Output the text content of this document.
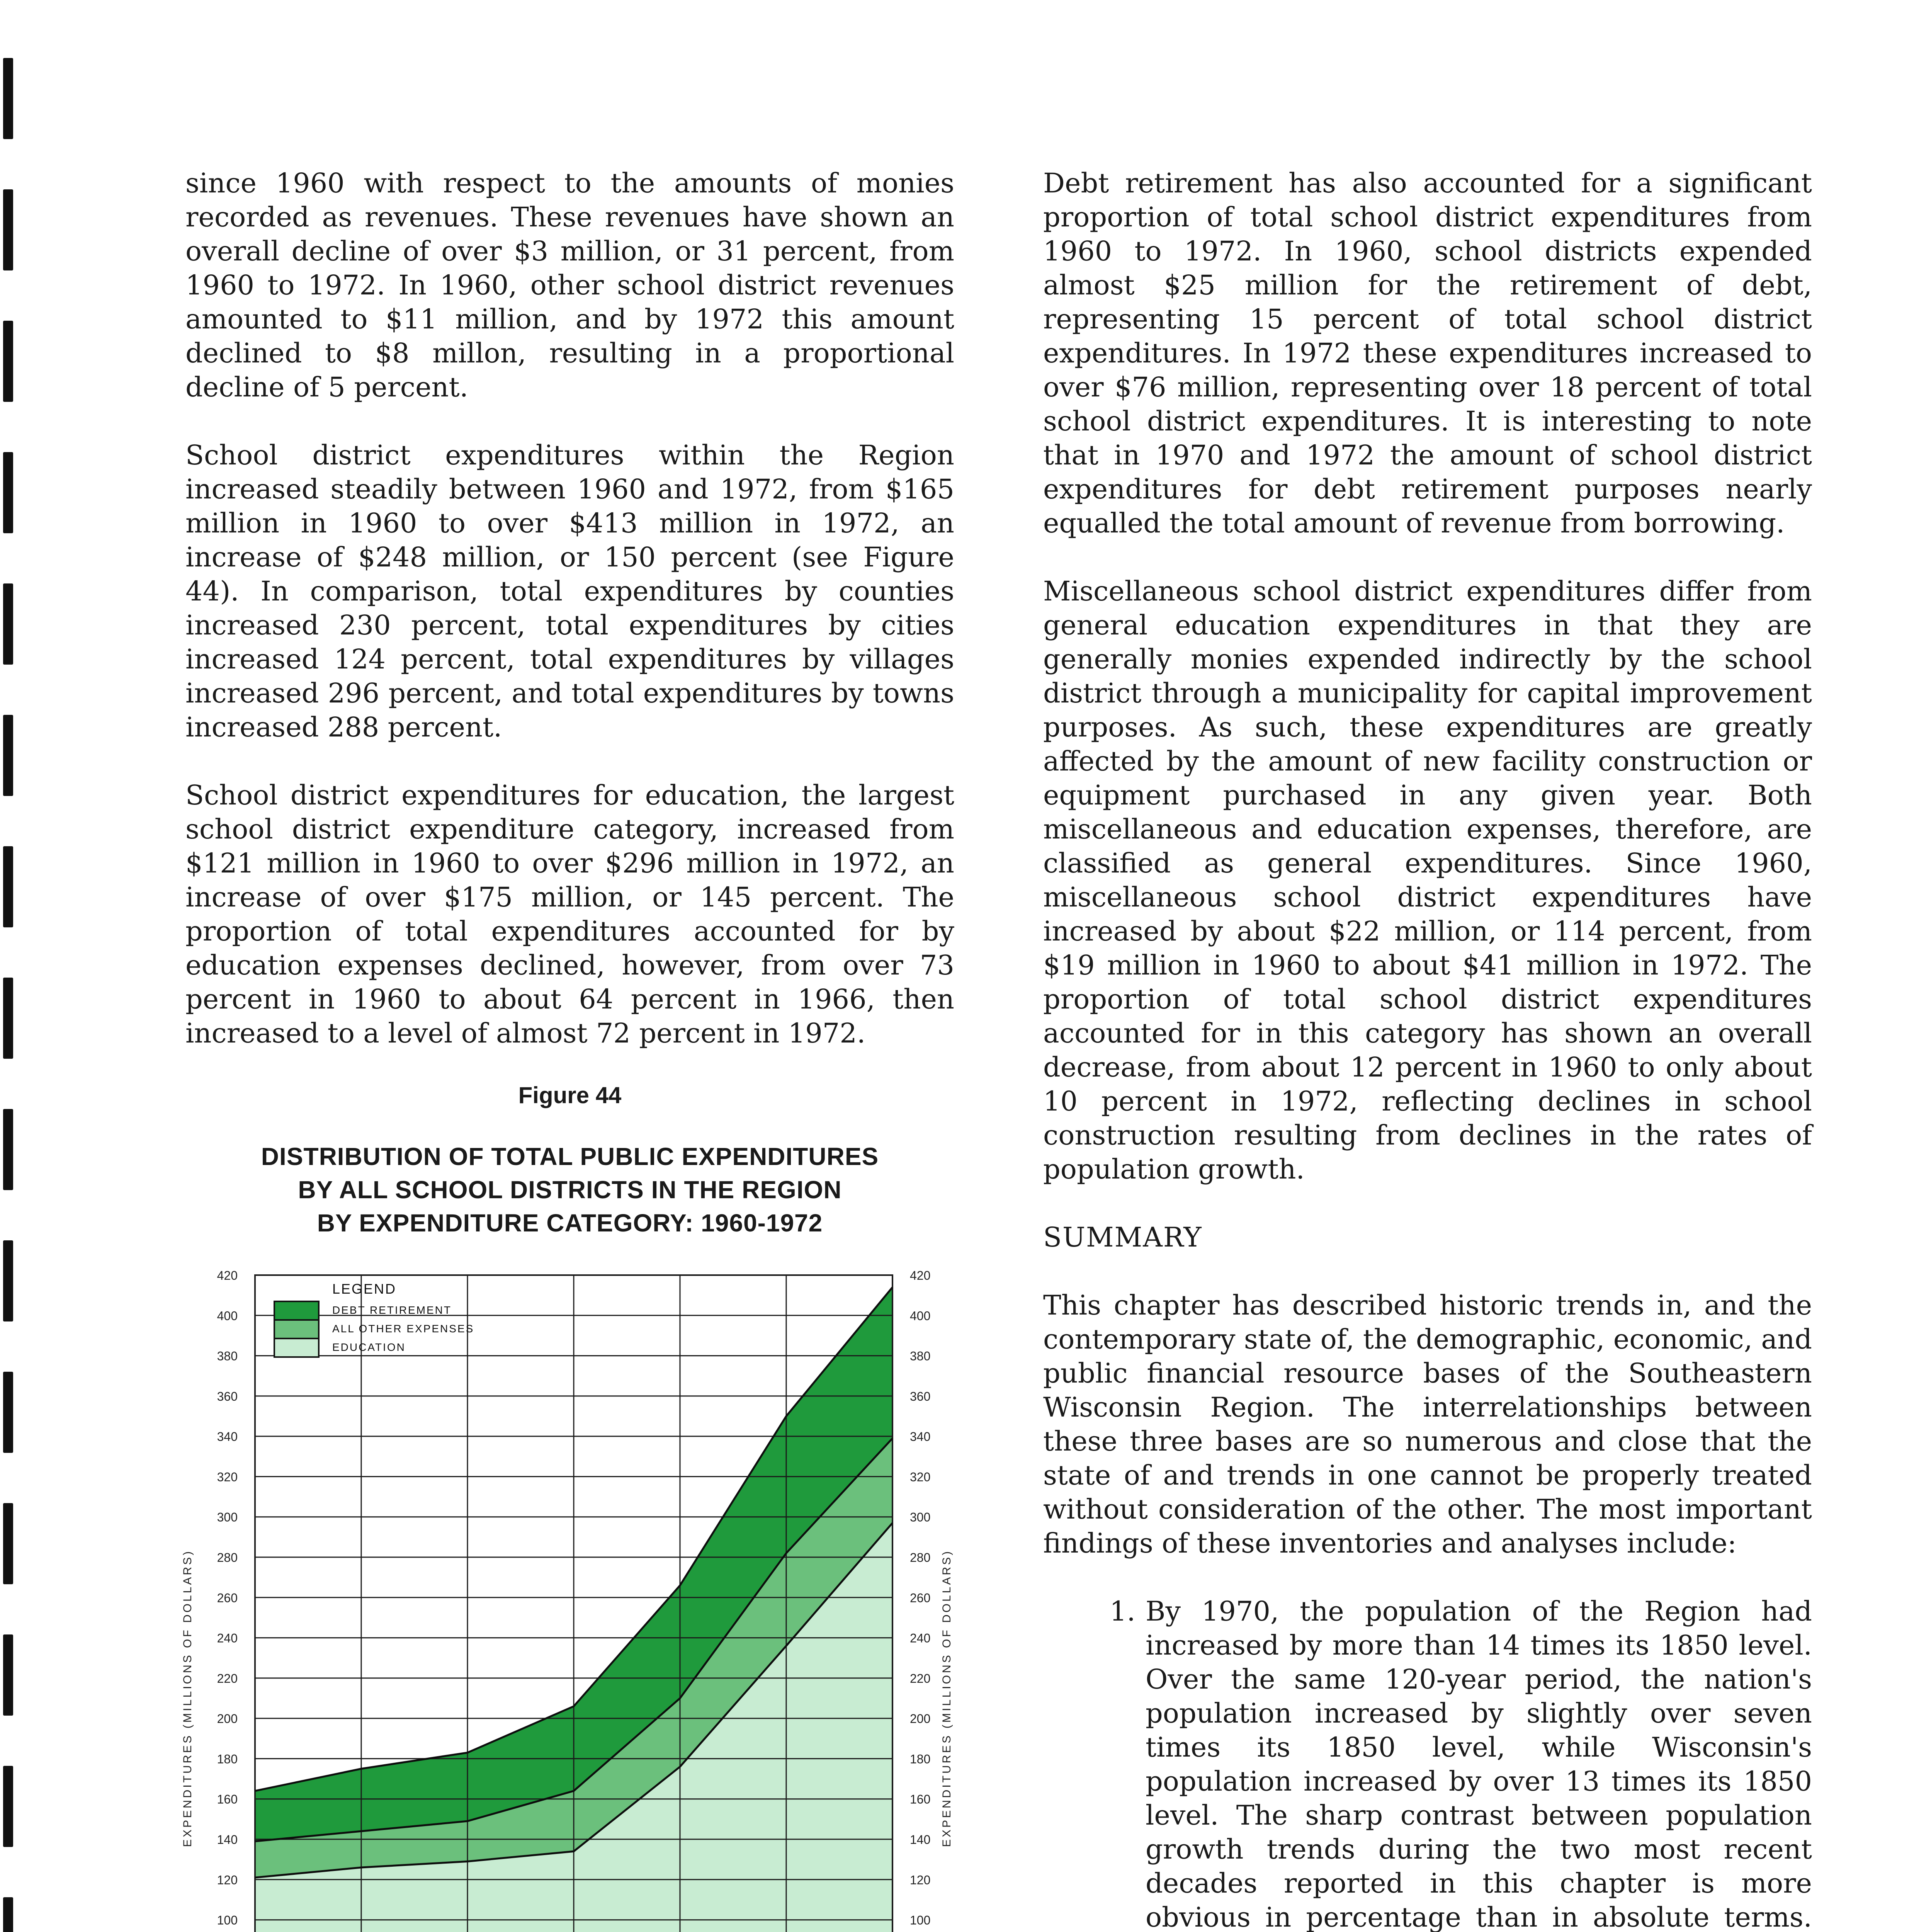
since 1960 with respect to the amounts of monies recorded as revenues. These revenues have shown an overall decline of over $3 million, or 31 percent, from 1960 to 1972. In 1960, other school district revenues amounted to $11 million, and by 1972 this amount declined to $8 millon, resulting in a proportional decline of 5 percent.

School district expenditures within the Region increased steadily between 1960 and 1972, from $165 million in 1960 to over $413 million in 1972, an increase of $248 million, or 150 percent (see Figure 44). In comparison, total expenditures by counties increased 230 percent, total expenditures by cities increased 124 percent, total expenditures by villages increased 296 percent, and total expenditures by towns increased 288 percent.

School district expenditures for education, the largest school district expenditure category, increased from $121 million in 1960 to over $296 million in 1972, an increase of over $175 million, or 145 percent. The proportion of total expenditures accounted for by education expenses declined, however, from over 73 percent in 1960 to about 64 percent in 1966, then increased to a level of almost 72 percent in 1972.

Figure 44
DISTRIBUTION OF TOTAL PUBLIC EXPENDITURES
BY ALL SCHOOL DISTRICTS IN THE REGION
BY EXPENDITURE CATEGORY: 1960-1972
100	100
120	120
140	140
160	160
180	180
200	200
220	220
240	240
260	260
280	280
300	300
320	320
340	340
360	360
380	380
400	400
420	420
EXPENDITURES (MILLIONS OF DOLLARS)	EXPENDITURES (MILLIONS OF DOLLARS)
LEGEND
DEBT RETIREMENT
ALL OTHER EXPENSES
EDUCATION

Debt retirement has also accounted for a significant proportion of total school district expenditures from 1960 to 1972. In 1960, school districts expended almost $25 million for the retirement of debt, representing 15 percent of total school district expenditures. In 1972 these expenditures increased to over $76 million, representing over 18 percent of total school district expenditures. It is interesting to note that in 1970 and 1972 the amount of school district expenditures for debt retirement purposes nearly equalled the total amount of revenue from borrowing.

Miscellaneous school district expenditures differ from general education expenditures in that they are generally monies expended indirectly by the school district through a municipality for capital improvement purposes. As such, these expenditures are greatly affected by the amount of new facility construction or equipment purchased in any given year. Both miscellaneous and education expenses, therefore, are classified as general expenditures. Since 1960, miscellaneous school district expenditures have increased by about $22 million, or 114 percent, from $19 million in 1960 to about $41 million in 1972. The proportion of total school district expenditures accounted for in this category has shown an overall decrease, from about 12 percent in 1960 to only about 10 percent in 1972, reflecting declines in school construction resulting from declines in the rates of population growth.

SUMMARY

This chapter has described historic trends in, and the contemporary state of, the demographic, economic, and public financial resource bases of the Southeastern Wisconsin Region. The interrelationships between these three bases are so numerous and close that the state of and trends in one cannot be properly treated without consideration of the other. The most important findings of these inventories and analyses include:

1. By 1970, the population of the Region had increased by more than 14 times its 1850 level. Over the same 120-year period, the nation's population increased by slightly over seven times its 1850 level, while Wisconsin's population increased by over 13 times its 1850 level. The sharp contrast between population growth trends during the two most recent decades reported in this chapter is more obvious in percentage than in absolute terms.
